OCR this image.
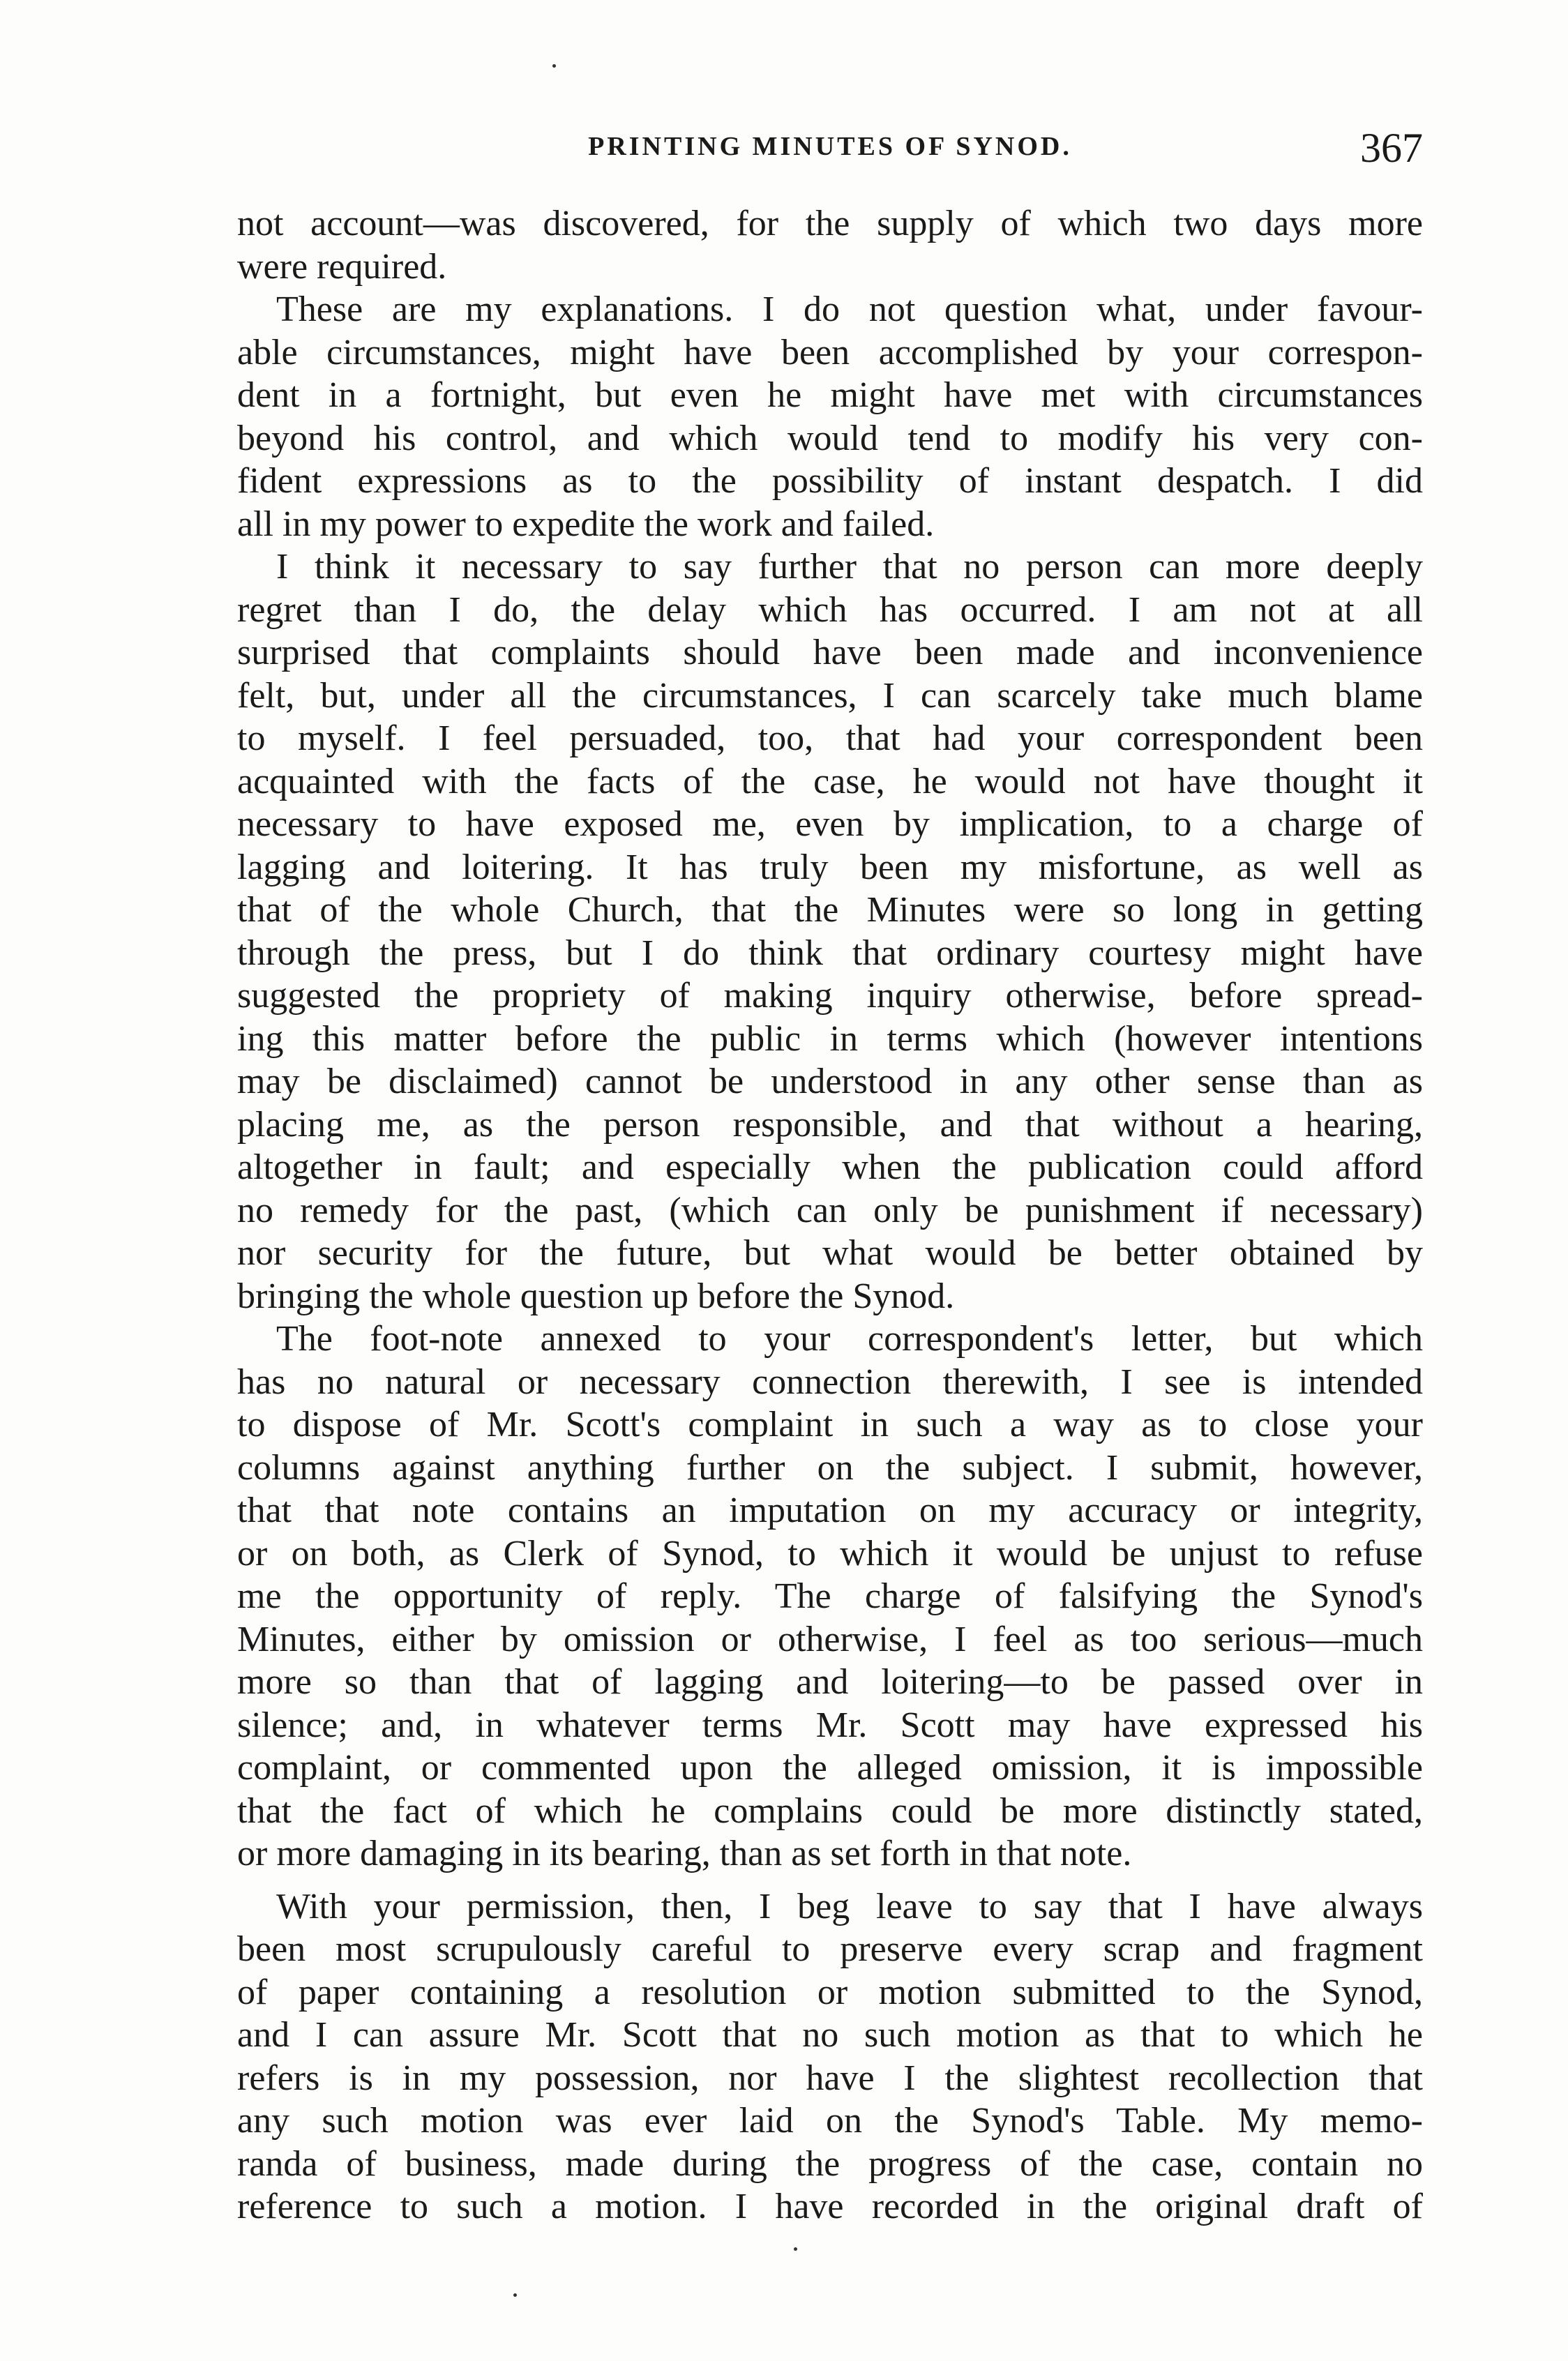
PRINTING MINUTES OF SYNOD.	367
not account—was discovered, for the supply of which two days more
were required.
These are my explanations. I do not question what, under favour-
able circumstances, might have been accomplished by your correspon-
dent in a fortnight, but even he might have met with circumstances
beyond his control, and which would tend to modify his very con-
fident expressions as to the possibility of instant despatch. I did
all in my power to expedite the work and failed.
I think it necessary to say further that no person can more deeply
regret than I do, the delay which has occurred. I am not at all
surprised that complaints should have been made and inconvenience
felt, but, under all the circumstances, I can scarcely take much blame
to myself. I feel persuaded, too, that had your correspondent been
acquainted with the facts of the case, he would not have thought it
necessary to have exposed me, even by implication, to a charge of
lagging and loitering. It has truly been my misfortune, as well as
that of the whole Church, that the Minutes were so long in getting
through the press, but I do think that ordinary courtesy might have
suggested the propriety of making inquiry otherwise, before spread-
ing this matter before the public in terms which (however intentions
may be disclaimed) cannot be understood in any other sense than as
placing me, as the person responsible, and that without a hearing,
altogether in fault; and especially when the publication could afford
no remedy for the past, (which can only be punishment if necessary)
nor security for the future, but what would be better obtained by
bringing the whole question up before the Synod.
The foot-note annexed to your correspondent's letter, but which
has no natural or necessary connection therewith, I see is intended
to dispose of Mr. Scott's complaint in such a way as to close your
columns against anything further on the subject. I submit, however,
that that note contains an imputation on my accuracy or integrity,
or on both, as Clerk of Synod, to which it would be unjust to refuse
me the opportunity of reply. The charge of falsifying the Synod's
Minutes, either by omission or otherwise, I feel as too serious—much
more so than that of lagging and loitering—to be passed over in
silence; and, in whatever terms Mr. Scott may have expressed his
complaint, or commented upon the alleged omission, it is impossible
that the fact of which he complains could be more distinctly stated,
or more damaging in its bearing, than as set forth in that note.
With your permission, then, I beg leave to say that I have always
been most scrupulously careful to preserve every scrap and fragment
of paper containing a resolution or motion submitted to the Synod,
and I can assure Mr. Scott that no such motion as that to which he
refers is in my possession, nor have I the slightest recollection that
any such motion was ever laid on the Synod's Table. My memo-
randa of business, made during the progress of the case, contain no
reference to such a motion. I have recorded in the original draft of
